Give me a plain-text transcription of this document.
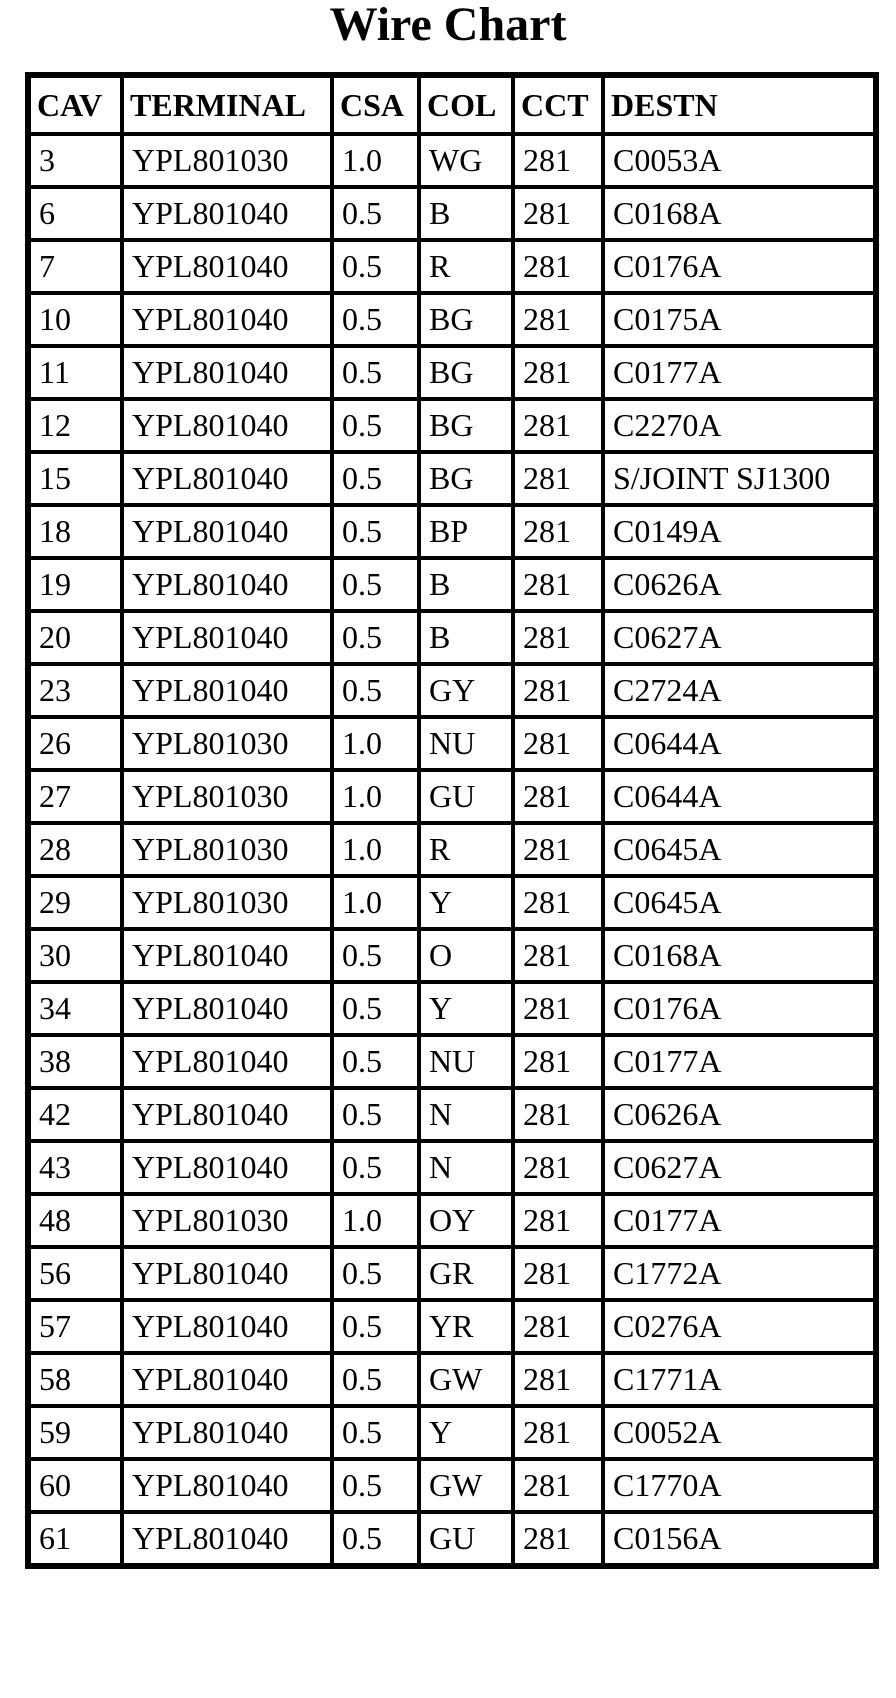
Wire Chart
CAV	TERMINAL	CSA	COL	CCT	DESTN
3	YPL801030	1.0	WG	281	C0053A
6	YPL801040	0.5	B	281	C0168A
7	YPL801040	0.5	R	281	C0176A
10	YPL801040	0.5	BG	281	C0175A
11	YPL801040	0.5	BG	281	C0177A
12	YPL801040	0.5	BG	281	C2270A
15	YPL801040	0.5	BG	281	S/JOINT SJ1300
18	YPL801040	0.5	BP	281	C0149A
19	YPL801040	0.5	B	281	C0626A
20	YPL801040	0.5	B	281	C0627A
23	YPL801040	0.5	GY	281	C2724A
26	YPL801030	1.0	NU	281	C0644A
27	YPL801030	1.0	GU	281	C0644A
28	YPL801030	1.0	R	281	C0645A
29	YPL801030	1.0	Y	281	C0645A
30	YPL801040	0.5	O	281	C0168A
34	YPL801040	0.5	Y	281	C0176A
38	YPL801040	0.5	NU	281	C0177A
42	YPL801040	0.5	N	281	C0626A
43	YPL801040	0.5	N	281	C0627A
48	YPL801030	1.0	OY	281	C0177A
56	YPL801040	0.5	GR	281	C1772A
57	YPL801040	0.5	YR	281	C0276A
58	YPL801040	0.5	GW	281	C1771A
59	YPL801040	0.5	Y	281	C0052A
60	YPL801040	0.5	GW	281	C1770A
61	YPL801040	0.5	GU	281	C0156A
